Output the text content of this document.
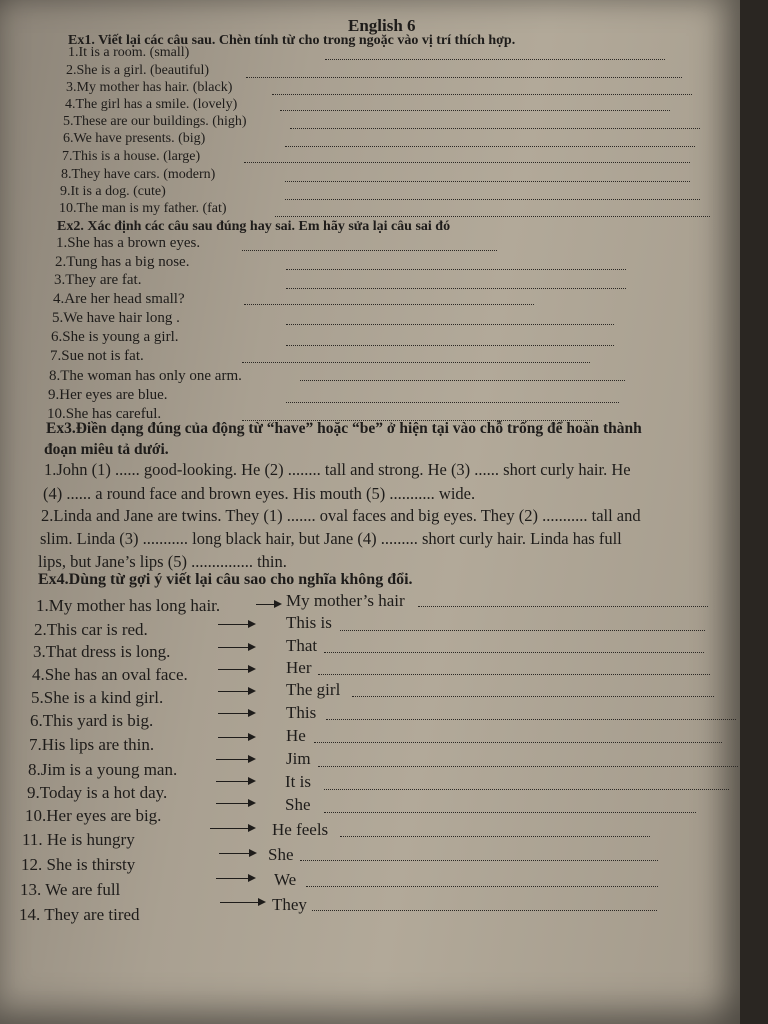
English 6
Ex1. Viết lại các câu sau. Chèn tính từ cho trong ngoặc vào vị trí thích hợp.
1.It is a room. (small)
2.She is a girl. (beautiful)
3.My mother has hair. (black)
4.The girl has a smile. (lovely)
5.These are our buildings. (high)
6.We have presents. (big)
7.This is a house. (large)
8.They have cars. (modern)
9.It is a dog. (cute)
10.The man is my father. (fat)
Ex2. Xác định các câu sau đúng hay sai. Em hãy sửa lại câu sai đó
1.She has a brown eyes.
2.Tung has a big nose.
3.They are fat.
4.Are her head small?
5.We have hair long .
6.She is young a girl.
7.Sue not is fat.
8.The woman has only one arm.
9.Her eyes are blue.
10.She has careful.
Ex3.Điền dạng đúng của động từ “have” hoặc “be” ở hiện tại vào chỗ trống để hoàn thành
đoạn miêu tả dưới.
1.John (1) ...... good-looking. He (2) ........ tall and strong. He (3) ...... short curly hair. He
(4) ...... a round face and brown eyes. His mouth (5) ........... wide.
2.Linda and Jane are twins. They (1) ....... oval faces and big eyes. They (2) ........... tall and
slim. Linda (3) ........... long black hair, but Jane (4) ......... short curly hair. Linda has full
lips, but Jane’s lips (5) ............... thin.
Ex4.Dùng từ gợi ý viết lại câu sao cho nghĩa không đổi.
1.My mother has long hair.	My mother’s hair
2.This car is red.	This is
3.That dress is long.	That
4.She has an oval face.	Her
5.She is a kind girl.	The girl
6.This yard is big.	This
7.His lips are thin.	He
8.Jim is a young man.
Jim
9.Today is a hot day.
It is
10.Her eyes are big.
She
11. He is hungry
He feels
12. She is thirsty
She
13. We are full
We
14. They are tired
They
